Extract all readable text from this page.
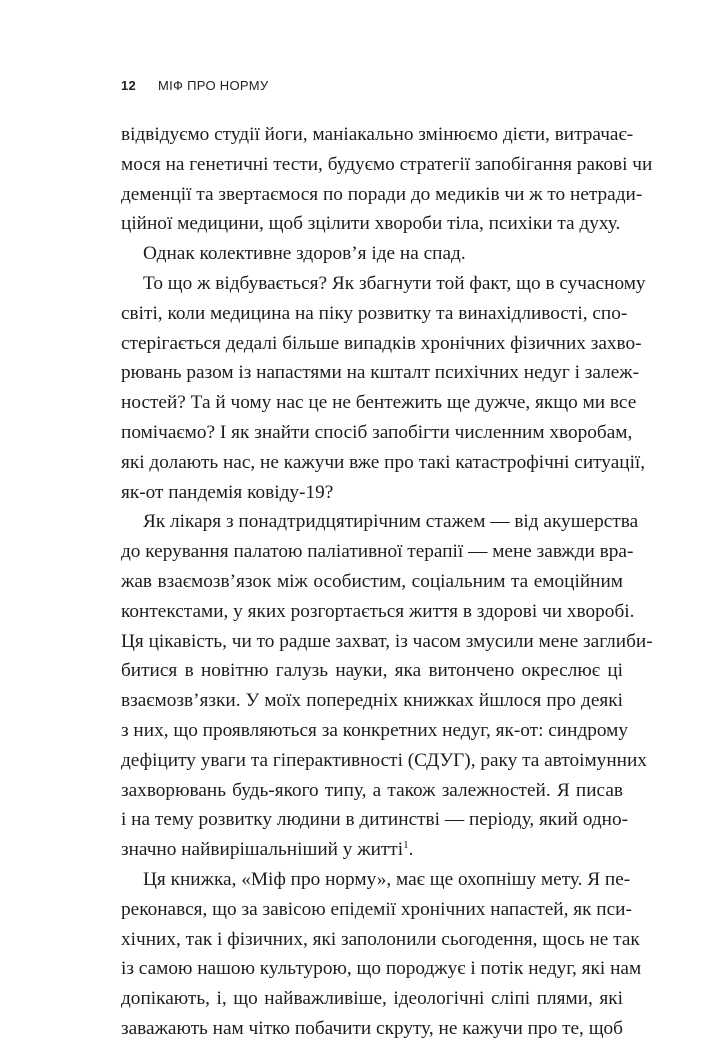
12 МІФ ПРО НОРМУ
відвідуємо студії йоги, маніакально змінюємо дієти, витрачає-
мося на генетичні тести, будуємо стратегії запобігання ракові чи
деменції та звертаємося по поради до медиків чи ж то нетради-
ційної медицини, щоб зцілити хвороби тіла, психіки та духу.
Однак колективне здоров’я іде на спад.
То що ж відбувається? Як збагнути той факт, що в сучасному
світі, коли медицина на піку розвитку та винахідливості, спо-
стерігається дедалі більше випадків хронічних фізичних захво-
рювань разом із напастями на кшталт психічних недуг і залеж-
ностей? Та й чому нас це не бентежить ще дужче, якщо ми все
помічаємо? І як знайти спосіб запобігти численним хворобам,
які долають нас, не кажучи вже про такі катастрофічні ситуації,
як-от пандемія ковіду-19?
Як лікаря з понадтридцятирічним стажем — від акушерства
до керування палатою паліативної терапії — мене завжди вра-
жав взаємозв’язок між особистим, соціальним та емоційним
контекстами, у яких розгортається життя в здорові чи хворобі.
Ця цікавість, чи то радше захват, із часом змусили мене заглиби-
битися в новітню галузь науки, яка витончено окреслює ці
взаємозв’язки. У моїх попередніх книжках йшлося про деякі
з них, що проявляються за конкретних недуг, як-от: синдрому
дефіциту уваги та гіперактивності (СДУГ), раку та автоімунних
захворювань будь-якого типу, а також залежностей. Я писав
і на тему розвитку людини в дитинстві — періоду, який одно-
значно найвирішальніший у житті$^1$.
Ця книжка, «Міф про норму», має ще охопнішу мету. Я пе-
реконався, що за завісою епідемії хронічних напастей, як пси-
хічних, так і фізичних, які заполонили сьогодення, щось не так
із самою нашою культурою, що породжує і потік недуг, які нам
допікають, і, що найважливіше, ідеологічні сліпі плями, які
заважають нам чітко побачити скруту, не кажучи про те, щоб
